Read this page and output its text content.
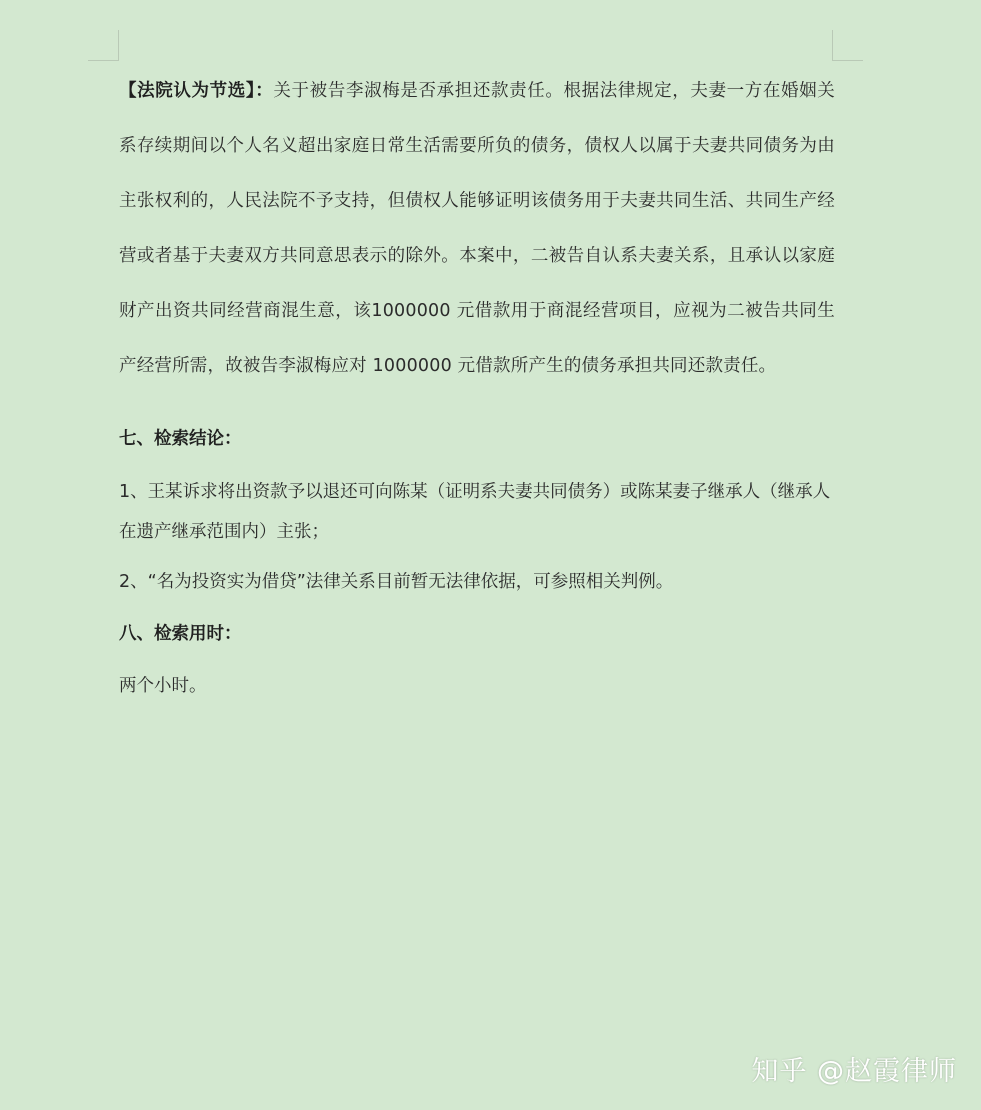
【法院认为节选】：关于被告李淑梅是否承担还款责任。根据法律规定，夫妻一方在婚姻关系存续期间以个人名义超出家庭日常生活需要所负的债务，债权人以属于夫妻共同债务为由主张权利的，人民法院不予支持，但债权人能够证明该债务用于夫妻共同生活、共同生产经营或者基于夫妻双方共同意思表示的除外。本案中，二被告自认系夫妻关系，且承认以家庭财产出资共同经营商混生意，该1000000 元借款用于商混经营项目，应视为二被告共同生产经营所需，故被告李淑梅应对 1000000 元借款所产生的债务承担共同还款责任。

七、检索结论：

1、王某诉求将出资款予以退还可向陈某（证明系夫妻共同债务）或陈某妻子继承人（继承人在遗产继承范围内）主张；

2、“名为投资实为借贷”法律关系目前暂无法律依据，可参照相关判例。

八、检索用时：

两个小时。

知乎 @赵霞律师
